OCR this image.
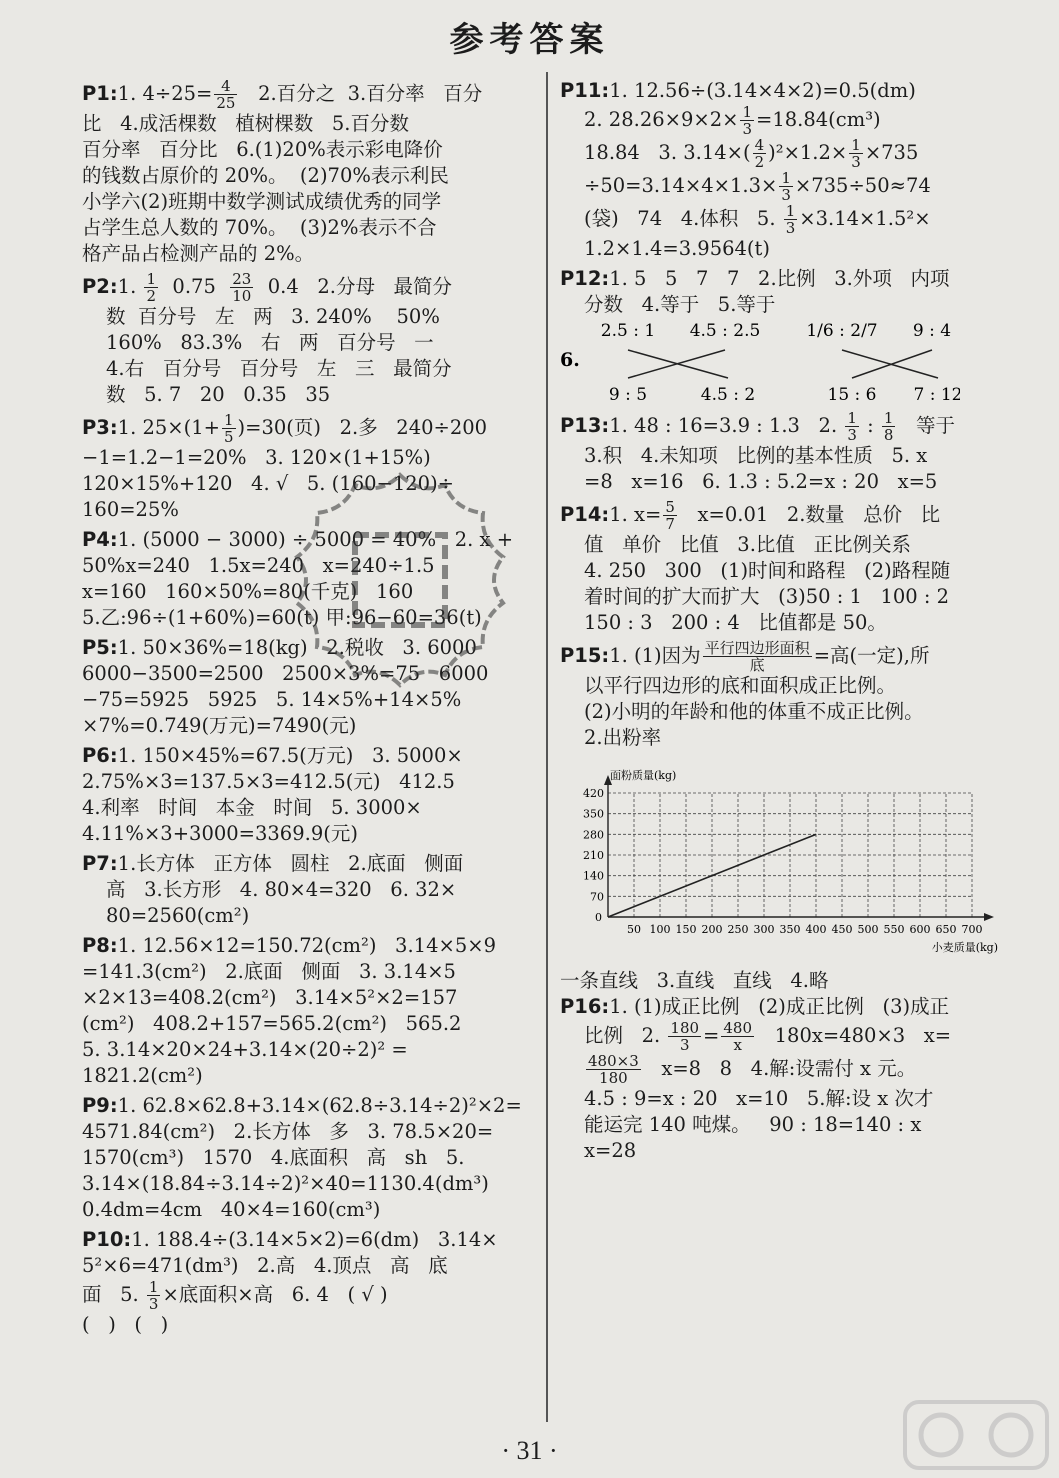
参考答案
P1:1. $4\div 25= \frac{4}{25} 2$.百分之  3.百分率   百分
比   4.成活棵数   植树棵数   5.百分数
百分率   百分比   6.(1)20%表示彩电降价
的钱数占原价的 20%。  (2)70%表示利民
小学六(2)班期中数学测试成绩优秀的同学
占学生总人数的 70%。  (3)2%表示不合
格产品占检测产品的 2%。
P2:1. $\frac{1}{2} 0.75 \frac{23}{10} 0.4$   2.分母   最简分
数  百分号   左   两   3. 240%    50%
160%   83.3%   右   两   百分号   一
4.右   百分号   百分号   左   三   最简分
数   5. 7   20   0.35   35
P3:1. $25\times(1+ \frac{1}{5} )=30$(页)   2.多   240÷200
−1=1.2−1=20%   3. 120×(1+15%)
120×15%+120   4. √   5. (160−120)÷
160=25%
P4:1. (5000 − 3000) ÷ 5000 = 40%   2. x +
50%x=240   1.5x=240   x=240÷1.5
x=160   160×50%=80(千克)   160
5.乙:96÷(1+60%)=60(t) 甲:96−60=36(t)
P5:1. 50×36%=18(kg)   2.税收   3. 6000
6000−3500=2500   2500×3%=75   6000
−75=5925   5925   5. 14×5%+14×5%
×7%=0.749(万元)=7490(元)
P6:1. 150×45%=67.5(万元)   3. 5000×
2.75%×3=137.5×3=412.5(元)   412.5
4.利率   时间   本金   时间   5. 3000×
4.11%×3+3000=3369.9(元)
P7:1.长方体   正方体   圆柱   2.底面   侧面
高   3.长方形   4. 80×4=320   6. 32×
80=2560(cm²)
P8:1. 12.56×12=150.72(cm²)   3.14×5×9
=141.3(cm²)   2.底面   侧面   3. 3.14×5
×2×13=408.2(cm²)   3.14×5²×2=157
(cm²)   408.2+157=565.2(cm²)   565.2
5. 3.14×20×24+3.14×(20÷2)² =
1821.2(cm²)
P9:1. 62.8×62.8+3.14×(62.8÷3.14÷2)²×2=
4571.84(cm²)   2.长方体   多   3. 78.5×20=
1570(cm³)   1570   4.底面积   高   sh   5.
3.14×(18.84÷3.14÷2)²×40=1130.4(dm³)
0.4dm=4cm   40×4=160(cm³)
P10:1. 188.4÷(3.14×5×2)=6(dm)   3.14×
5²×6=471(dm³)   2.高   4.顶点   高   底
面   5. $\frac{1}{3}$ ×底面积×高   6. 4   ( √ )
(   )   (   )
P11:1. 12.56÷(3.14×4×2)=0.5(dm)
2. $28.26\times 9\times 2\times \frac{1}{3} =18.84(cm^3)$
18.84   3. $3.14\times( \frac{4}{2} )^2\times 1.2\times \frac{1}{3} \times 735$
$\div 50=3.14\times 4\times 1.3\times \frac{1}{3} \times 735\div 50\approx 74$
(袋)   74   4.体积   5. $\frac{1}{3} \times 3.14\times 1.5^2\times$
1.2×1.4=3.9564(t)
P12:1. 5   5   7   7   2.比例   3.外项   内项
分数   4.等于   5.等于
6.
2.5 : 1 4.5 : 2.5	1/6 : 2/7 9 : 4
9 : 5	4.5 : 2	15 : 6 7 : 12
P13:1. 48 : 16=3.9 : 1.3   2. $\frac{1}{3}$ : $\frac{1}{8}$ 等于
3.积   4.未知项   比例的基本性质   5. x
=8   x=16   6. 1.3 : 5.2=x : 20   x=5
P14:1. $x= \frac{5}{7} x=0.01$   2.数量   总价   比
值   单价   比值   3.比值   正比例关系
4. 250   300   (1)时间和路程   (2)路程随
着时间的扩大而扩大   (3)50 : 1   100 : 2
150 : 3   200 : 4   比值都是 50。
P15:1. (1)因为 $\frac{\text{平行四边形面积}}{\text{底}}$ =高(一定),所
以平行四边形的底和面积成正比例。
(2)小明的年龄和他的体重不成正比例。
2.出粉率
50 100 150 200 250 300 350 400 450 500 550 600 650 700
70
140
210
280
350
420
0
面粉质量(kg)
小麦质量(kg)
一条直线   3.直线   直线   4.略
P16:1. (1)成正比例   (2)成正比例   (3)成正
比例   2. $\frac{180}{3} = \frac{480}{x} 180x=480\times 3$   x=
$\frac{480\times 3}{180} x=8$   8   4.解:设需付 x 元。
4.5 : 9=x : 20   x=10   5.解:设 x 次才
能运完 140 吨煤。   90 : 18=140 : x
x=28
· 31 ·
